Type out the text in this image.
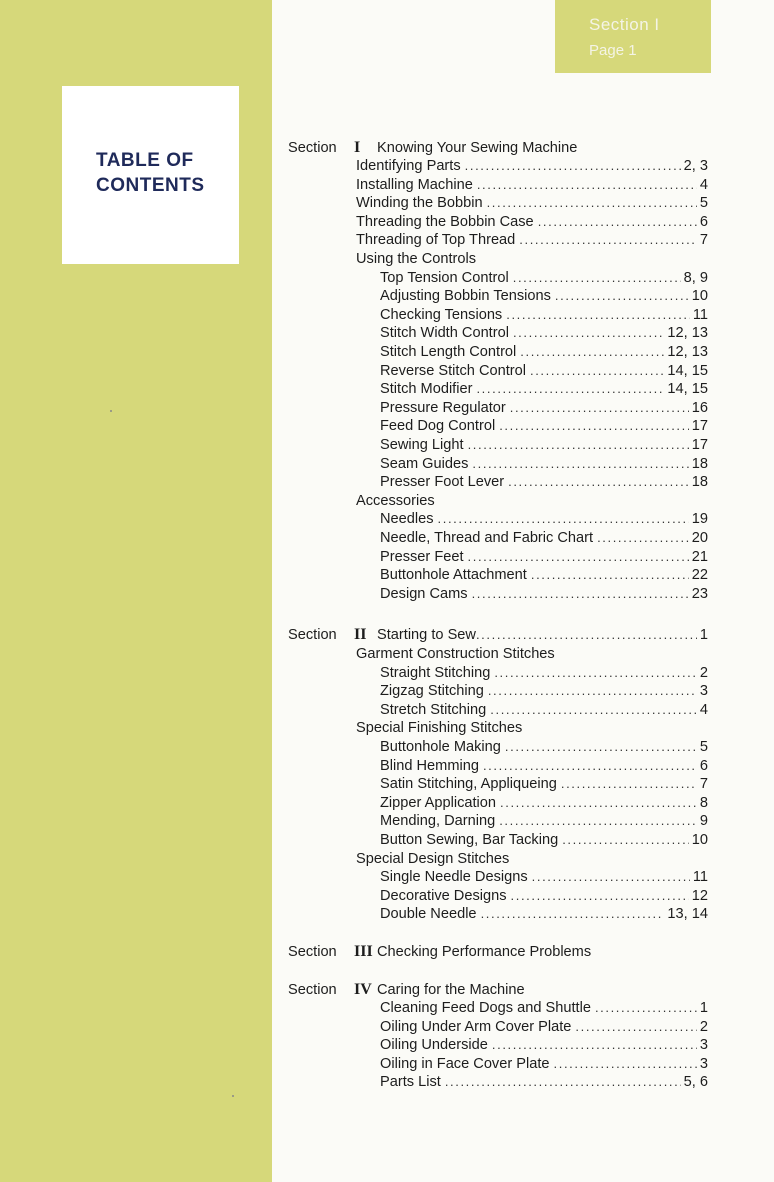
TABLE OF
CONTENTS
Section I
Page 1
Section	I Knowing Your Sewing Machine
Identifying Parts .....	2, 3
Installing Machine .....	4
Winding the Bobbin .....	5
Threading the Bobbin Case .....	6
Threading of Top Thread .....	7
Using the Controls
Top Tension Control .....	8, 9
Adjusting Bobbin Tensions .....	10
Checking Tensions .....	11
Stitch Width Control .....	12, 13
Stitch Length Control .....	12, 13
Reverse Stitch Control .....	14, 15
Stitch Modifier .....	14, 15
Pressure Regulator .....	16
Feed Dog Control .....	17
Sewing Light .....	17
Seam Guides .....	18
Presser Foot Lever .....	18
Accessories
Needles .....	19
Needle, Thread and Fabric Chart .....	20
Presser Feet .....	21
Buttonhole Attachment .....	22
Design Cams .....	23
Section	II Starting to Sew .....	1
Garment Construction Stitches
Straight Stitching .....	2
Zigzag Stitching .....	3
Stretch Stitching .....	4
Special Finishing Stitches
Buttonhole Making .....	5
Blind Hemming .....	6
Satin Stitching, Appliqueing .....	7
Zipper Application .....	8
Mending, Darning .....	9
Button Sewing, Bar Tacking .....	10
Special Design Stitches
Single Needle Designs .....	11
Decorative Designs .....	12
Double Needle .....	13, 14
Section	III Checking Performance Problems
Section	IV Caring for the Machine
Cleaning Feed Dogs and Shuttle .....	1
Oiling Under Arm Cover Plate .....	2
Oiling Underside .....	3
Oiling in Face Cover Plate .....	3
Parts List .....	5, 6
